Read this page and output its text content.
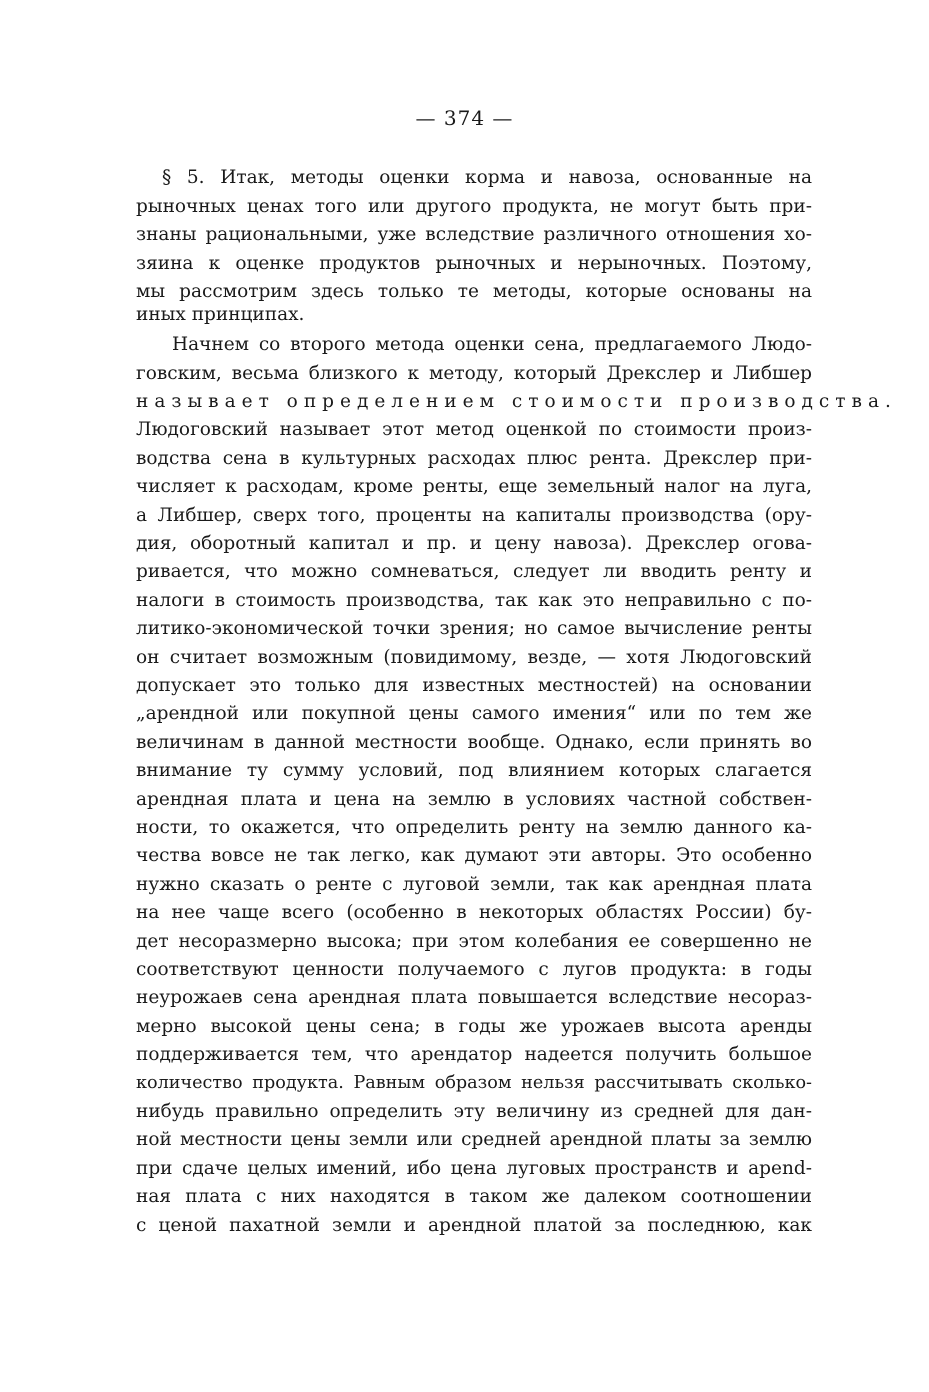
— 374 —
§ 5. Итак, методы оценки корма и навоза, основанные на
рыночных ценах того или другого продукта, не могут быть при-
знаны рациональными, уже вследствие различного отношения хо-
зяина к оценке продуктов рыночных и нерыночных. Поэтому,
мы рассмотрим здесь только те методы, которые основаны на
иных принципах.
Начнем со второго метода оценки сена, предлагаемого Людо-
говским, весьма близкого к методу, который Дрекслер и Либшер
называет определением стоимости производства.
Людоговский называет этот метод оценкой по стоимости произ-
водства сена в культурных расходах плюс рента. Дрекслер при-
числяет к расходам, кроме ренты, еще земельный налог на луга,
а Либшер, сверх того, проценты на капиталы производства (ору-
дия, оборотный капитал и пр. и цену навоза). Дрекслер огова-
ривается, что можно сомневаться, следует ли вводить ренту и
налоги в стоимость производства, так как это неправильно с по-
литико-экономической точки зрения; но самое вычисление ренты
он считает возможным (повидимому, везде, — хотя Людоговский
допускает это только для известных местностей) на основании
„арендной или покупной цены самого имения“ или по тем же
величинам в данной местности вообще. Однако, если принять во
внимание ту сумму условий, под влиянием которых слагается
арендная плата и цена на землю в условиях частной собствен-
ности, то окажется, что определить ренту на землю данного ка-
чества вовсе не так легко, как думают эти авторы. Это особенно
нужно сказать о ренте с луговой земли, так как арендная плата
на нее чаще всего (особенно в некоторых областях России) бу-
дет несоразмерно высока; при этом колебания ее совершенно не
соответствуют ценности получаемого с лугов продукта: в годы
неурожаев сена арендная плата повышается вследствие несораз-
мерно высокой цены сена; в годы же урожаев высота аренды
поддерживается тем, что арендатор надеется получить большое
количество продукта. Равным образом нельзя рассчитывать сколько-
нибудь правильно определить эту величину из средней для дан-
ной местности цены земли или средней арендной платы за землю
при сдаче целых имений, ибо цена луговых пространств и арend-
ная плата с них находятся в таком же далеком соотношении
с ценой пахатной земли и арендной платой за последнюю, как
